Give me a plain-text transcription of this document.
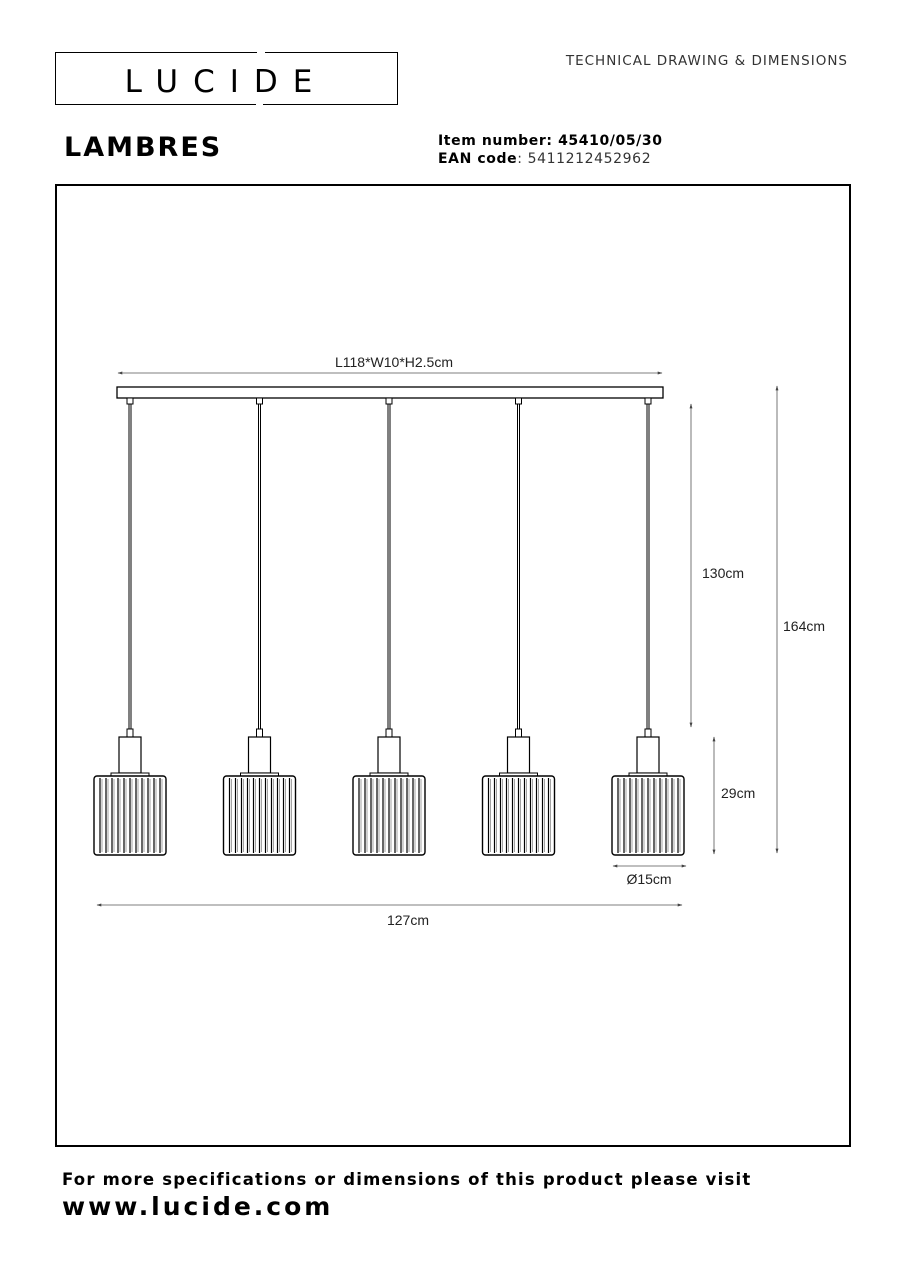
LUCIDE
TECHNICAL DRAWING & DIMENSIONS
LAMBRES	Item number: 45410/05/30
EAN code: 5411212452962
L118*W10*H2.5cm
130cm
164cm
29cm
Ø15cm
127cm
For more specifications or dimensions of this product please visit
www.lucide.com
